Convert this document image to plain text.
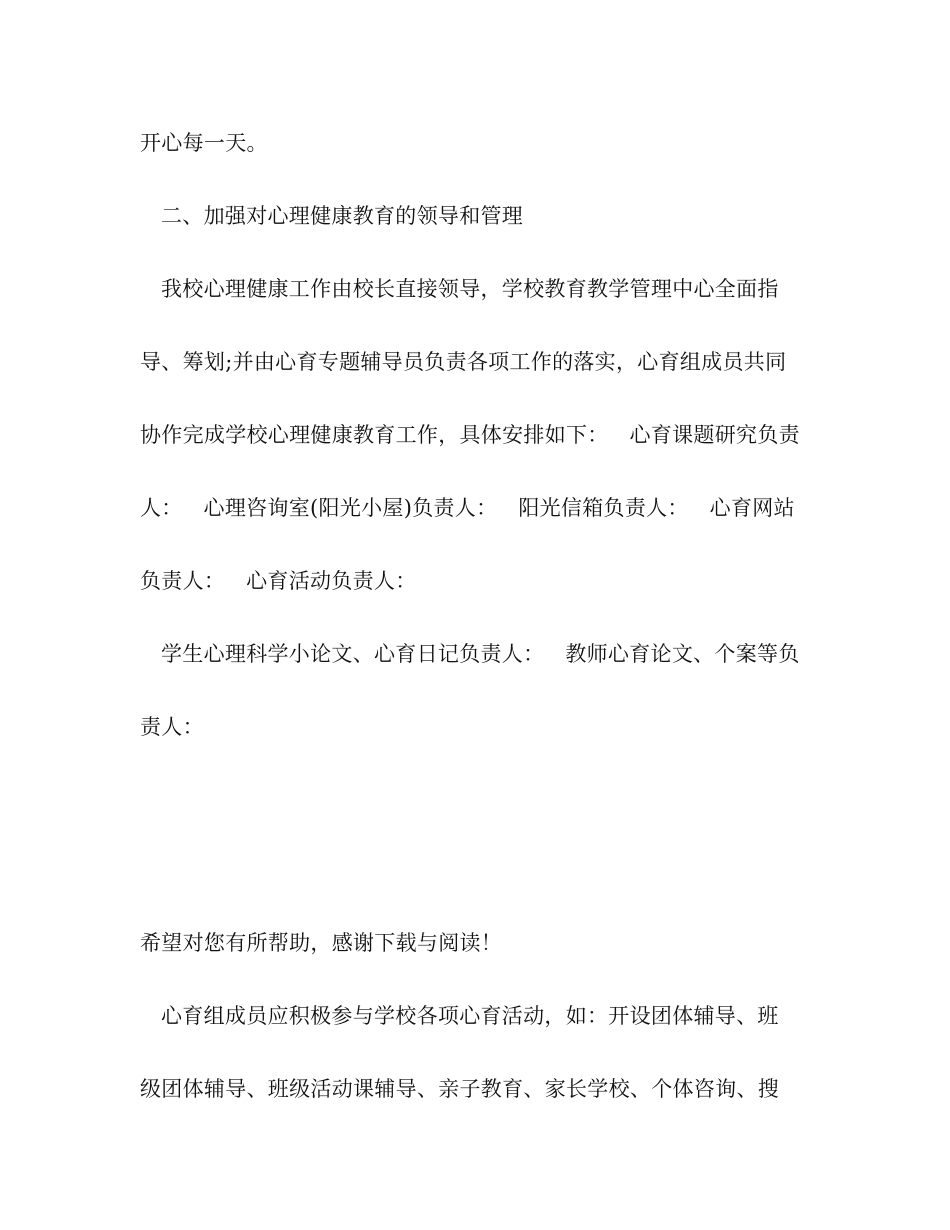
开心每一天。
二、加强对心理健康教育的领导和管理
我校心理健康工作由校长直接领导，学校教育教学管理中心全面指
导、筹划;并由心育专题辅导员负责各项工作的落实，心育组成员共同
协作完成学校心理健康教育工作，具体安排如下：   心育课题研究负责
人：   心理咨询室(阳光小屋)负责人：   阳光信箱负责人：   心育网站
负责人：   心育活动负责人：
学生心理科学小论文、心育日记负责人：   教师心育论文、个案等负
责人：
希望对您有所帮助，感谢下载与阅读！
心育组成员应积极参与学校各项心育活动，如：开设团体辅导、班
级团体辅导、班级活动课辅导、亲子教育、家长学校、个体咨询、搜
